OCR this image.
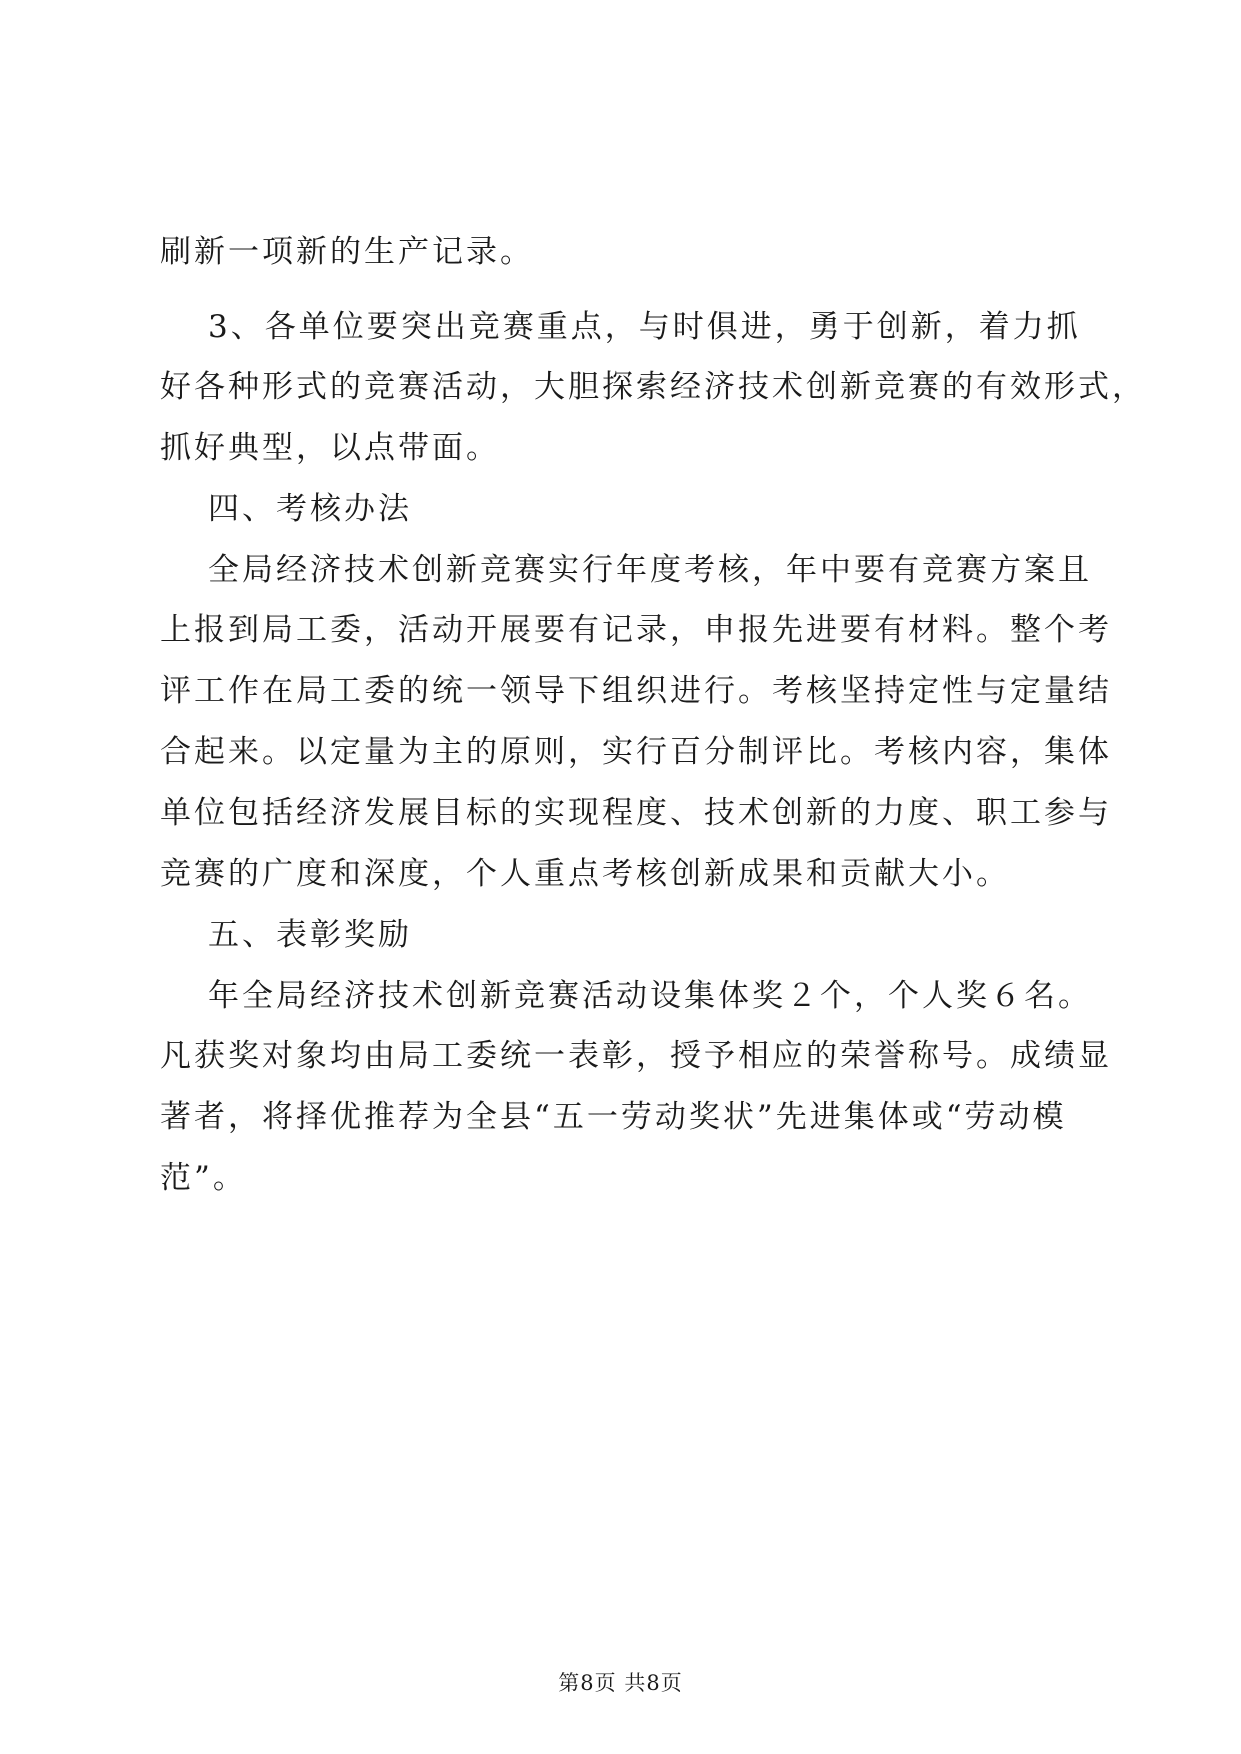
刷新一项新的生产记录。
3、各单位要突出竞赛重点，与时俱进，勇于创新，着力抓
好各种形式的竞赛活动，大胆探索经济技术创新竞赛的有效形式，
抓好典型，以点带面。
四、考核办法
全局经济技术创新竞赛实行年度考核，年中要有竞赛方案且
上报到局工委，活动开展要有记录，申报先进要有材料。整个考
评工作在局工委的统一领导下组织进行。考核坚持定性与定量结
合起来。以定量为主的原则，实行百分制评比。考核内容，集体
单位包括经济发展目标的实现程度、技术创新的力度、职工参与
竞赛的广度和深度，个人重点考核创新成果和贡献大小。
五、表彰奖励
年全局经济技术创新竞赛活动设集体奖２个，个人奖６名。
凡获奖对象均由局工委统一表彰，授予相应的荣誉称号。成绩显
著者，将择优推荐为全县“五一劳动奖状”先进集体或“劳动模
范”。
第8页 共8页
